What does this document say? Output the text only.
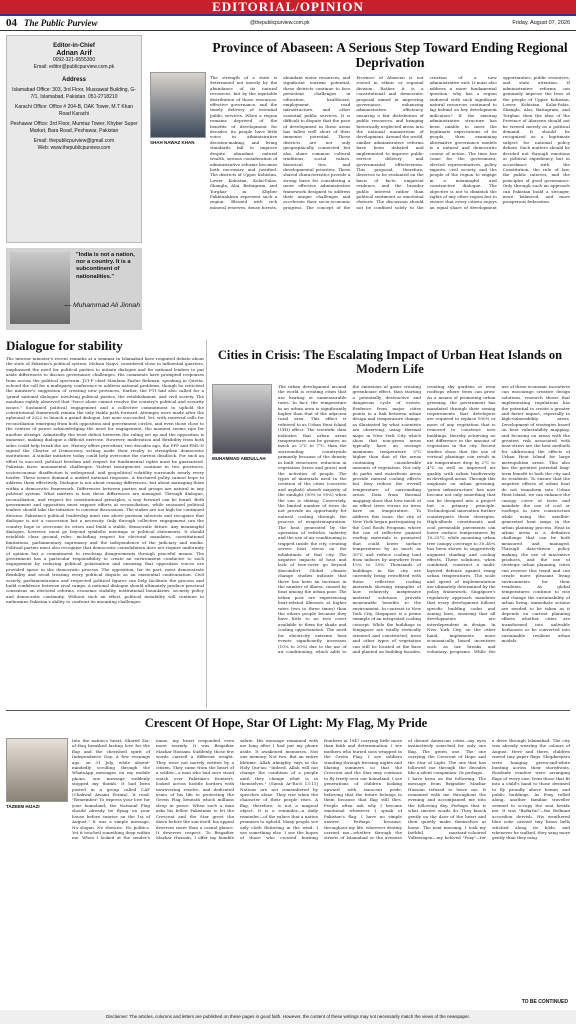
EDITORIAL/OPINION
04 The Public Purview	@thepublicpurview.com.pk	Friday, August 07, 2026
Editor-in-Chief
Adnan Arif
0092-321-9555300
Email: editor@publicpurview.com.pk
Address
Islamabad Office: 303, 3rd Floor, Mussawat Building, G-7/1, Islamabad, Pakistan. 051-2718210
Karachi Office: Office # 204-B, OAK Tower, M.T Khan Road Karachi
Peshawar Office: 3rd Floor, Mumtaz Tower, Khyber Super Market, Bara Road, Peshawar, Pakistan
Email: thepublicpurview@gmail.com
Web: www.thepublicpurview.com
"India is not a nation, nor a country. It is a subcontinent of nationalities."
— Muhammad Ali Jinnah
Province of Abaseen: A Serious Step Toward Ending Regional Deprivation
SHAH NAWAZ KHAN
The strength of a state is determined not merely by the abundance of its natural resources, but by the equitable distribution of those resources, effective governance, and the timely delivery of essential public services. When a region remains deprived of the benefits of development for decades, its people have little voice in administrative decision-making, and living standards fail to improve despite abundant natural wealth, serious consideration of administrative reforms becomes both necessary and justified. The districts of Upper Kohistan, Lower Kohistan, Kolai-Palas, Shangla, Alai, Battagram, and Torghar in Khyber Pakhtunkhwa represent such a region. Blessed with rich mineral reserves, dense forests, abundant water resources, and significant tourism potential, these districts continue to face persistent challenges in education, healthcare, employment, road infrastructure, and other essential public services. It is difficult to dispute that the pace of development in these areas has fallen well short of their immense potential. These districts are not only geographically connected but also share common cultural traditions, social values, historical ties, and developmental priorities. These shared characteristics provide a strong basis for considering a more effective administrative framework designed to address their unique challenges and accelerate their socio-economic progress. The concept of the Province of Abaseen is not rooted in ethnic or regional division. Rather, it is a constitutional and democratic proposal aimed at improving governance, enhancing administrative efficiency, ensuring a fair distribution of public resources, and bringing historically neglected areas into the national mainstream of development. Around the world, similar administrative reforms have been debated and implemented to improve public service delivery and governmental effectiveness. This proposal, therefore, deserves to be evaluated on the basis of facts, empirical evidence, and the broader public interest rather than political sentiment or emotional rhetoric. The discussion should not be confined solely to the creation of a new administrative unit. It must also address a more fundamental question: why has a region endowed with such significant natural resources continued to lag behind on key development indicators? If the existing administrative structure has been unable to meet the legitimate expectations of its people, then examining alternative governance models is a natural and democratic course of action. The time has come for the government, elected representatives, policy experts, civil society, and the people of the region to engage in a meaningful and constructive dialogue. The objective is not to diminish the rights of any other region but to ensure that every citizen enjoys an equal share of development opportunities, public resources, and state attention. If administrative reforms can genuinely improve the lives of the people of Upper Kohistan, Lower Kohistan, Kolai-Palas, Shangla, Alai, Battagram, and Torghar, then the idea of the Province of Abaseen should not be viewed merely as a political demand. It should be recognized as a legitimate subject for national policy debate. Such matters should be decided not through emotions or political expediency, but in accordance with the Constitution, the rule of law, the public interest, and the principles of good governance. Only through such an approach can Pakistan build a stronger, more balanced, and more prosperous federation.
Dialogue for stability
The interior minister's recent remarks at a seminar in Islamabad have reignited debate about the state of Pakistan's political system. Mohsin Naqvi, considered close to influential quarters, emphasised the need for political parties to initiate dialogue and for national leaders to put aside differences to discuss governance challenges. His comments have prompted responses from across the political spectrum. JUI-F chief Maulana Fazlur Rehman, speaking in Quetta, echoed the call for a multiparty conference to address national problems, though he criticised the minister's suggestion of creating new provinces. Earlier, the PTI had also called for a 'grand national dialogue' involving political parties, the establishment, and civil society. The maulana rightly observed that "force alone cannot resolve the country's political and security issues." Sustained political engagement and a collective commitment to uphold the constitutional framework remain the only viable path forward. Attempts were made after the upheaval of 2022 to launch a grand dialogue, but none succeeded. Yet, with renewed calls for reconciliation emerging from both opposition and government circles, and even those close to the centres of power acknowledging the need for engagement, the moment seems ripe for another attempt. Admittedly, the trust deficit between the ruling set up and the opposition is immense, making dialogue a difficult exercise. However, moderation and flexibility from both sides could help break the ice. History offers precedent; two decades ago, the PPP and PML-N signed the Charter of Democracy, setting aside their rivalry to strengthen democratic institutions. A similar initiative today could help overcome the current deadlock. For such an effort to succeed, political freedom and respect for fundamental rights must be guaranteed. Pakistan faces monumental challenges. Violent insurgencies continue in two provinces, socioeconomic disaffection is widespread, and geopolitical volatility surrounds nearly every border. These issues demand a unified national response. A fractured polity cannot hope to address them effectively. Dialogue is not about erasing differences, but about managing them within a democratic framework. Differences between parties and groups are natural in any political system. What matters is how these differences are managed. Through dialogue, reconciliation, and respect for constitutional principles, a way forward can be found. Both government and opposition must support efforts at reconciliation, while seasoned political leaders should take the initiative to convene discussions. The stakes are too high for continued division. Pakistan's political leadership must rise above partisan interests and recognise that dialogue is not a concession but a necessity. Only through collective engagement can the country hope to overcome its crises and build a stable, democratic future. Any meaningful dialogue, however, must go beyond symbolic meetings or political statements. It should establish clear ground rules, including respect for electoral mandates, constitutional limitations, parliamentary supremacy and the independence of the judiciary and media. Political parties must also recognise that democratic consolidation does not require uniformity of opinion but a commitment to resolving disagreements through peaceful means. The government has a particular responsibility to create an environment conducive to such engagement by reducing political polarisation and ensuring that opposition voices are provided space in the democratic process. The opposition, for its part, must demonstrate flexibility and avoid treating every political dispute as an existential confrontation. Civil society, parliamentarians and respected political figures can help facilitate the process and build confidence between rival camps. A national dialogue should ultimately produce practical consensus on electoral reforms, economic stability, institutional boundaries, security policy and democratic continuity. Without such an effort, political instability will continue to undermine Pakistan's ability to confront its mounting challenges.
Cities in Crisis: The Escalating Impact of Urban Heat Islands on Modern Life
MUHAMMAD ABDULLAH
The urban development around the world is creating cities that are heating at unmeasurable rates. In fact, the temperature in an urban area is significantly higher than that of the adjacent rural area. This effect is referred to as Urban Heat Island (UHI) effect. The scientific data indicates that urban areas temperatures can be greater, as much as 2°C to 7°C, than the surrounding countryside primarily because of the density in built structures, reduction in vegetation (trees and grass) and the activities of people. The types of materials used in the creation of the cities (concrete and asphalt) absorb majority of the sunlight (90% to 95%) when the sun is shining. Conversely, the limited number of trees do not provide an opportunity for natural cooling through the process of evapotranspiration. The heat generated by the operation of vehicles, industry and the use of air conditioning is trapped inside the city, creating severe heat stress on the inhabitants of that city. The negative impacts of heat and lack of tree-cover go beyond discomfort. Global climate change studies indicate that there has been an increase in the number of illness, caused by heat among the urban poor. The urban poor are experiencing heat-related illnesses at higher rates (two to three times) than the others people because they have little to no tree cover available to them for shade and cooling opportunities. The need for electricity extreme heat events significantly increases (10% to 20%) due to the use of air conditioning, which adds to the emissions of gases creating greenhouse effect, thus starting a potentially destructive and dangerous cycle of events. Evidence from major cities points to a link between urban design and temperature change, as illustrated by what scientists are observing, using thermal maps in New York City which show that non-green areas typically have an average maximum temperature 5°C higher than that of the areas containing considerable amounts of vegetation. Not only do parks and waterfront areas provide natural cooling effects but they reduce the overall temperature of surrounding areas. Data from thermal mapping show that how much of an effect trees versus no trees have on temperature. To address this issue, the city of New York began participating in the Cool Roofs Program, where the use of reflective painted rooftop materials is promoted that could lower surface temperatures by as much as 30°C and reduce cooling load from indoors by anywhere from 15% to 25%. Thousands of buildings in the city are currently being retrofitted with these reflective roofing materials showing examples of how relatively inexpensive material solutions provide measurable benefits to the environment. In contrast to New York City, Singapore is a prime example of an integrated cooling concept. While the buildings in Singapore are totally vertically oriented and constructed, trees and other types of vegetation can still be located at the base and planted on building facades, creating sky gardens or even rooftops where trees can grow. As a means of promoting urban greening, the government has mandated through their zoning requirements that developers are required to replace 100% or more of any vegetation that is removed to construct new buildings, thereby achieving no net difference in the amount of vegetation in the city. Recent studies show that the use of vertical plantings can result in air temperature drop by 2°C to 4°C as well as improved air quality with urban biodiversity in developed areas. Through this emphasis on urban greening, 'green infrastructure' has now become not only something that can be designed into a project but a primary principle. Technological innovation further counterparts these strategies. High-albedo constituents and cool permeable pavements can lower surface temperatures by 10–25°C, while mounting urban tree canopy coverage to 30–40% has been shown to suggestively augment shading and cooling effects. These solutions, when combined, construct a multi-layered defense against rising urban temperatures. The scale and speed of implementation are ultimately determined by the policy framework. Singapore's regulatory approach mandates that every development follows specific building codes and zoning laws, ensuring that all developments are interdependent in design. In New York City, on the other hand, implements more economically based incentives such as tax breaks and voluntary programs. While the use of these economic incentives can encourage creative design solutions, research shows that implementing regulations has the potential to create a greater and faster impact, especially in high-vulnerability areas. Development of strategies based on heat vulnerability mapping, and focusing on areas with the greatest risk associated with heat-stress are the best methods for addressing the effects of Urban Heat Island for large metropolitan areas. This also has the greatest potential long-term benefit to both the city and its residents. To ensure that the negative effects of urban heat do not transform into Urban Heat Island, we can enhance the canopy cover of trees and mandate the use of cool or rooftops in new construction while using the satellite-generated heat maps in the urban planning process. Heat in urban areas is a definitive challenge that can be both measured and managed. Through data-driven policy making, the use of innovative products, and the use of strategic urban planning, cities can reverse this trend and can create more pleasant living environments for their residents. As global temperatures continue to rise and change the sustainability of urban living, immediate actions are needed to be taken as it depends on current planning efforts whether cities are transformed into unlivable hothouses or be converted into sustainable resilient urban models.
Crescent Of Hope, Star Of Light: My Flag, My Pride
TAZEEM HIJAZI
Into the nation's heart, Shared Zia-ul-Haq breathed lasting love for the flag and the cherished spirit of Independence Day. A few evenings ago, on 31 July, while absent-mindedly scrolling through the WhatsApp messages on my mobile phone, one message suddenly stopped my thumb. It had been posted in a group called CAF (Chakwal Awami Forum). It read: "Remember: To express your love for your homeland; the National Flag should already be flying on your house before sunrise on the 1st of August." It was a simple message. No slogan. No rhetoric. No politics. Yet it touched something deep within me. When I looked at the sender's name, my heart responded even more warmly. It was Brigadier Mazhar Hussain. Suddenly, those few words carried a different weight. They were not merely written by a citizen. They came from the heart of a soldier—a man who had once stood watch over Pakistan's frontiers, looked across hostile borders with unwavering resolve, and dedicated years of his life to protecting the Green Flag beneath which millions sleep in peace. When such a man asks his fellow Pakistanis to let the Crescent and the Star greet the dawn before the sun itself, his appeal deserves more than a casual glance. It deserves respect. To Brigadier Mazhar Hussain, I offer my humble salute. His message remained with me long after I had put my phone aside. It awakened memories. Not one memory. Not two. But an entire lifetime. Allah Almighty says in the Holy Qur'an: "Indeed, Allah will not change the condition of a people until they change what is in themselves." (Surah Ar-Ra'd 13:11) Nations are not remembered by speeches alone. They rise when the character of their people rises. A flag, therefore, is not a magical object. It is a reminder—a daily reminder—of the values that a nation promises to uphold. Many people see only cloth fluttering in the wind. I see something else. I see the hopes of those who crossed burning frontiers in 1947 carrying little more than faith and determination. I see mothers who buried sons wrapped in the Green Flag. I see soldiers standing through freezing nights and blazing summers so that the Crescent and the Star may continue to fly freely over our homeland. I see generations of children looking upward with innocent pride, believing that the future belongs to them because that flag still flies. People often ask why I become emotional whenever I speak of Pakistan's flag. I have no simple answer. Perhaps because, throughout my life, wherever destiny carried me—whether through the streets of Islamabad or the avenues of distant American cities—my eyes instinctively searched for only one flag. The green one. The one carrying the Crescent of Hope and the Star of Light. The one that has followed me through the decades like a silent companion. Or perhaps... I have been on the following. The message from Brigadier Mazhar Hussain refused to leave me. It remained with me throughout the evening and accompanied me into the following day. Perhaps that is what sincere words do. They knock gently on the door of the heart and then quietly make themselves at home. The next morning, I took my faithful mustard-coloured Volkswagen—my beloved "Foxy"—for a drive through Islamabad. The city was already wearing the colours of August. Here and there, children waved tiny paper flags. Shopkeepers were hanging green-and-white bunting across their storefronts. Roadside vendors were arranging flags of every size, from those that fit into a child's hand to those destined to fly proudly above homes and public buildings. As Foxy rolled along, another familiar traveller seemed to occupy the seat beside me. It was "BaBaVai"—the Bellman accordion dervish. His weathered blue robe carried tiny brass bells stitched along its folds, and whenever he walked, they sang more gently than they rang.
TO BE CONTINUED
Disclaimer: The articles, columns and letters are published on these pages in good faith. However, the content of these writings may not necessarily match the views of the newspaper.
